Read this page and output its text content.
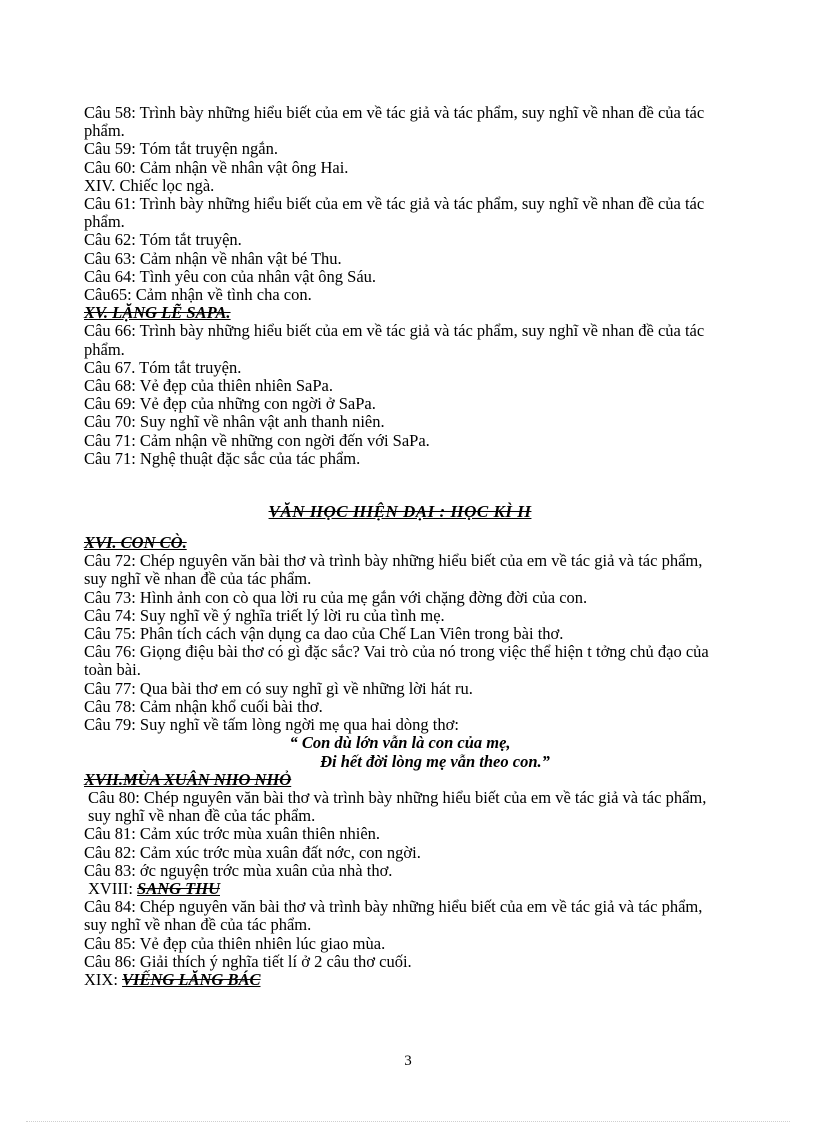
Câu 58: Trình bày những hiểu biết của em về tác giả và tác phẩm, suy nghĩ về nhan đề của tác phẩm.
Câu 59: Tóm tắt truyện ngắn.
Câu 60: Cảm nhận về nhân vật ông Hai.
XIV. Chiếc lọc ngà.
Câu 61: Trình bày những hiểu biết của em về tác giả và tác phẩm, suy nghĩ về nhan đề của tác phẩm.
Câu 62: Tóm tắt truyện.
Câu 63: Cảm nhận về nhân vật bé Thu.
Câu 64: Tình yêu con của nhân vật ông Sáu.
Câu65: Cảm nhận về tình cha con.
XV. LẶNG LẼ SAPA.
Câu 66: Trình bày những hiểu biết của em về tác giả và tác phẩm, suy nghĩ về nhan đề của tác phẩm.
Câu 67. Tóm tắt truyện.
Câu 68: Vẻ đẹp của thiên nhiên SaPa.
Câu 69: Vẻ đẹp của những con ngời ở SaPa.
Câu 70: Suy nghĩ về nhân vật anh thanh niên.
Câu 71: Cảm nhận về những con ngời đến với SaPa.
Câu 71: Nghệ thuật đặc sắc của tác phẩm.
VĂN HỌC HIỆN ĐẠI : HỌC KÌ II
XVI. CON CÒ.
Câu 72: Chép nguyên văn bài thơ và trình bày những hiểu biết của em về tác giả và tác phẩm, suy nghĩ về nhan đề của tác phẩm.
Câu 73: Hình ảnh con cò qua lời ru của mẹ gắn với chặng đờng đời của con.
Câu 74: Suy nghĩ về ý nghĩa triết lý lời ru của tình mẹ.
Câu 75: Phân tích cách vận dụng ca dao của Chế Lan Viên trong bài thơ.
Câu 76: Giọng điệu bài thơ có gì đặc sắc? Vai trò của nó trong việc thể hiện t tởng chủ đạo của toàn bài.
Câu 77: Qua bài thơ em có suy nghĩ gì về những lời hát ru.
Câu 78: Cảm nhận khổ cuối bài thơ.
Câu 79: Suy nghĩ về tấm lòng ngời mẹ qua hai dòng thơ:
“ Con dù lớn vẫn là con của mẹ,
Đi hết đời lòng mẹ vẫn theo con.”
XVII.MÙA XUÂN NHO NHỎ
Câu 80: Chép nguyên văn bài thơ và trình bày những hiểu biết của em về tác giả và tác phẩm, suy nghĩ về nhan đề của tác phẩm.
Câu 81: Cảm xúc trớc mùa xuân thiên nhiên.
Câu 82: Cảm xúc trớc mùa xuân đất nớc, con ngời.
Câu 83: ớc nguyện trớc mùa xuân của nhà thơ.
XVIII: SANG THU
Câu 84: Chép nguyên văn bài thơ và trình bày những hiểu biết của em về tác giả và tác phẩm, suy nghĩ về nhan đề của tác phẩm.
Câu 85: Vẻ đẹp của thiên nhiên lúc giao mùa.
Câu 86: Giải thích ý nghĩa tiết lí ở 2 câu thơ cuối.
XIX: VIẾNG LĂNG BÁC
3
